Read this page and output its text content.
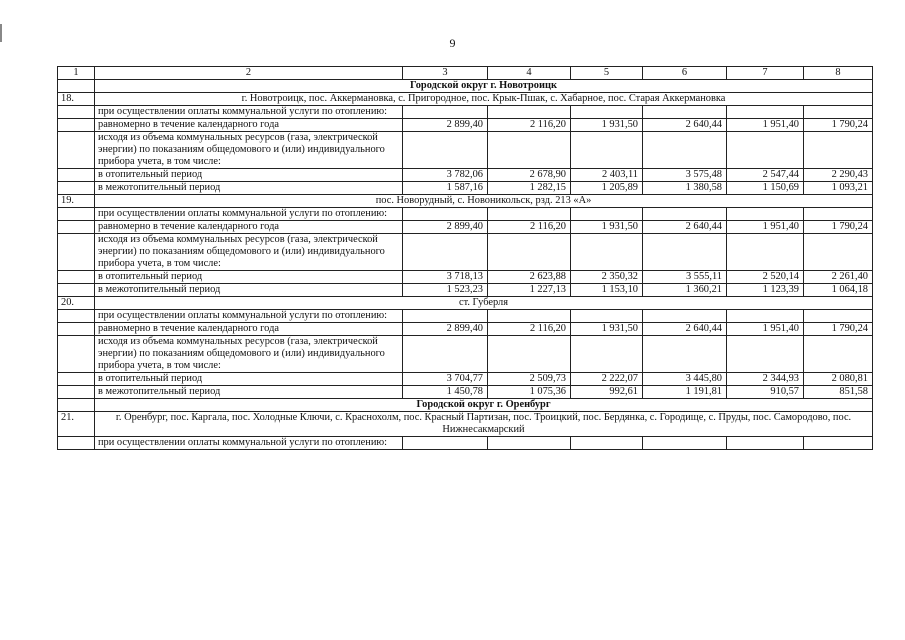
9
1	2	3	4	5	6	7	8
	Городской округ г. Новотроицк						
18.	г. Новотроицк, пос. Аккермановка, с. Пригородное, пос. Крык-Пшак, с. Хабарное, пос. Старая Аккермановка						
	при осуществлении оплаты коммунальной услуги по отоплению:						
	равномерно в течение календарного года	2 899,40	2 116,20	1 931,50	2 640,44	1 951,40	1 790,24
	исходя из объема коммунальных ресурсов (газа, электрической энергии) по показаниям общедомового и (или) индивидуального прибора учета, в том числе:						
	в отопительный период	3 782,06	2 678,90	2 403,11	3 575,48	2 547,44	2 290,43
	в межотопительный период	1 587,16	1 282,15	1 205,89	1 380,58	1 150,69	1 093,21
19.	пос. Новорудный, с. Новоникольск, рзд. 213 «А»						
	при осуществлении оплаты коммунальной услуги по отоплению:						
	равномерно в течение календарного года	2 899,40	2 116,20	1 931,50	2 640,44	1 951,40	1 790,24
	исходя из объема коммунальных ресурсов (газа, электрической энергии) по показаниям общедомового и (или) индивидуального прибора учета, в том числе:						
	в отопительный период	3 718,13	2 623,88	2 350,32	3 555,11	2 520,14	2 261,40
	в межотопительный период	1 523,23	1 227,13	1 153,10	1 360,21	1 123,39	1 064,18
20.	ст. Губерля						
	при осуществлении оплаты коммунальной услуги по отоплению:						
	равномерно в течение календарного года	2 899,40	2 116,20	1 931,50	2 640,44	1 951,40	1 790,24
	исходя из объема коммунальных ресурсов (газа, электрической энергии) по показаниям общедомового и (или) индивидуального прибора учета, в том числе:						
	в отопительный период	3 704,77	2 509,73	2 222,07	3 445,80	2 344,93	2 080,81
	в межотопительный период	1 450,78	1 075,36	992,61	1 191,81	910,57	851,58
	Городской округ г. Оренбург						
21.	г. Оренбург, пос. Каргала, пос. Холодные Ключи, с. Краснохолм, пос. Красный Партизан, пос. Троицкий, пос. Бердянка, с. Городище, с. Пруды, пос. Самородово, пос. Нижнесакмарский						
	при осуществлении оплаты коммунальной услуги по отоплению:						
